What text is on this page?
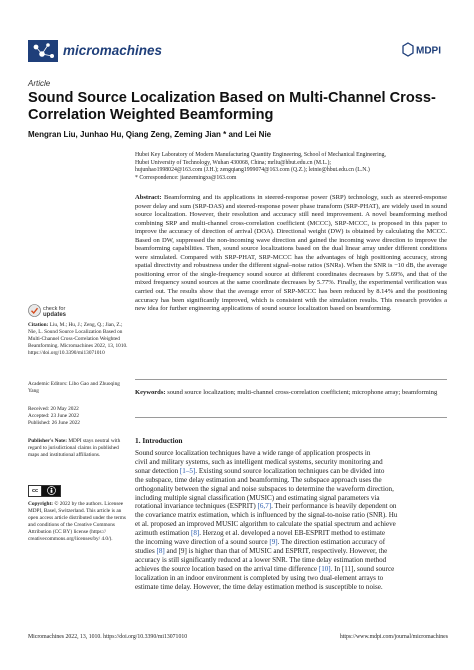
micromachines	MDPI
Article
Sound Source Localization Based on Multi-Channel Cross-Correlation Weighted Beamforming
Mengran Liu, Junhao Hu, Qiang Zeng, Zeming Jian * and Lei Nie
Hubei Key Laboratory of Modern Manufacturing Quantity Engineering, School of Mechanical Engineering,
Hubei University of Technology, Wuhan 430068, China; mrliu@hbut.edu.cn (M.L.);
hujunhao1998024@163.com (J.H.); zengqiang1999074@163.com (Q.Z.); leinie@hbut.edu.cn (L.N.)
* Correspondence: jianzemingxs@163.com
Abstract: Beamforming and its applications in steered-response power (SRP) technology, such as steered-response power delay and sum (SRP-DAS) and steered-response power phase transform (SRP-PHAT), are widely used in sound source localization. However, their resolution and accuracy still need improvement. A novel beamforming method combining SRP and multi-channel cross-correlation coefficient (MCCC), SRP-MCCC, is proposed in this paper to improve the accuracy of direction of arrival (DOA). Directional weight (DW) is obtained by calculating the MCCC. Based on DW, suppressed the non-incoming wave direction and gained the incoming wave direction to improve the beamforming capabilities. Then, sound source localizations based on the dual linear array under different conditions were simulated. Compared with SRP-PHAT, SRP-MCCC has the advantages of high positioning accuracy, strong spatial directivity and robustness under the different signal–noise ratios (SNRs). When the SNR is −10 dB, the average positioning error of the single-frequency sound source at different coordinates decreases by 5.69%, and that of the mixed frequency sound sources at the same coordinate decreases by 5.77%. Finally, the experimental verification was carried out. The results show that the average error of SRP-MCCC has been reduced by 8.14% and the positioning accuracy has been significantly improved, which is consistent with the simulation results. This research provides a new idea for further engineering applications of sound source localization based on beamforming.
Keywords: sound source localization; multi-channel cross-correlation coefficient; microphone array; beamforming
1. Introduction
Sound source localization techniques have a wide range of application prospects in
civil and military systems, such as intelligent medical systems, security monitoring and
sonar detection [1–5]. Existing sound source localization techniques can be divided into
the subspace, time delay estimation and beamforming. The subspace approach uses the
orthogonality between the signal and noise subspaces to determine the waveform direction,
including multiple signal classification (MUSIC) and estimating signal parameters via
rotational invariance techniques (ESPRIT) [6,7]. Their performance is heavily dependent on
the covariance matrix estimation, which is influenced by the signal-to-noise ratio (SNR). Hu
et al. proposed an improved MUSIC algorithm to calculate the spatial spectrum and achieve
azimuth estimation [8]. Herzog et al. developed a novel EB-ESPRIT method to estimate
the incoming wave direction of a sound source [9]. The direction estimation accuracy of
studies [8] and [9] is higher than that of MUSIC and ESPRIT, respectively. However, the
accuracy is still significantly reduced at a lower SNR. The time delay estimation method
achieves the source location based on the arrival time difference [10]. In [11], sound source
localization in an indoor environment is completed by using two dual-element arrays to
estimate time delay. However, the time delay estimation method is susceptible to noise.
check for
updates
Citation: Liu, M.; Hu, J.; Zeng, Q.; Jian, Z.; Nie, L. Sound Source Localization Based on Multi-Channel Cross-Correlation Weighted Beamforming. Micromachines 2022, 13, 1010. https://doi.org/10.3390/mi13071010
Academic Editors: Libo Gao and Zhuoqing Yang
Received: 20 May 2022
Accepted: 23 June 2022
Published: 26 June 2022
Publisher's Note: MDPI stays neutral with regard to jurisdictional claims in published maps and institutional affiliations.
cc
Copyright: © 2022 by the authors. Licensee MDPI, Basel, Switzerland. This article is an open access article distributed under the terms and conditions of the Creative Commons Attribution (CC BY) license (https:// creativecommons.org/licenses/by/ 4.0/).
Micromachines 2022, 13, 1010. https://doi.org/10.3390/mi13071010	https://www.mdpi.com/journal/micromachines
